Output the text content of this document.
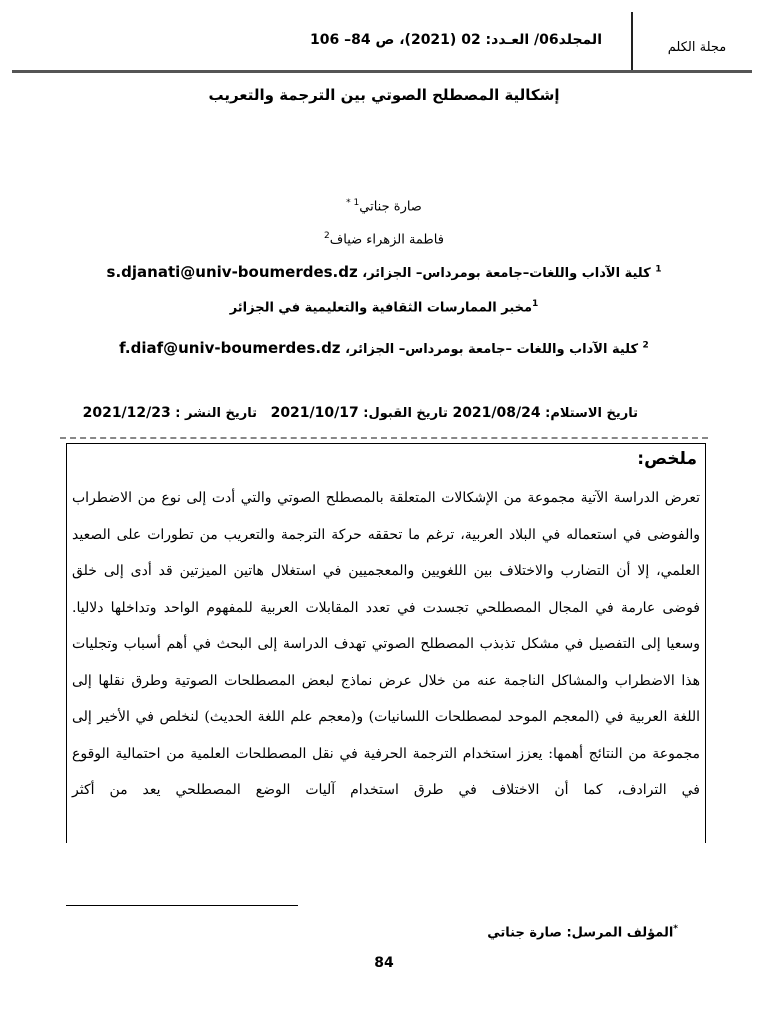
مجلة الكلم
المجلد06/ العـدد: 02 (2021)، ص 84– 106
إشكالية المصطلح الصوتي بين الترجمة والتعريب
صارة جناتي$^{1 *}$
فاطمة الزهراء ضياف$^2$
$^1$ كلية الآداب واللغات–جامعة بومرداس– الجزائر، s.djanati@univ-boumerdes.dz
$^1$مخبر الممارسات الثقافية والتعليمية في الجزائر
$^2$ كلية الآداب واللغات –جامعة بومرداس– الجزائر، f.diaf@univ-boumerdes.dz
تاريخ الاستلام: 2021/08/24 تاريخ القبول: 2021/10/17   تاريخ النشر : 2021/12/23
ملخص:
تعرض الدراسة الآتية مجموعة من الإشكالات المتعلقة بالمصطلح الصوتي والتي أدت إلى نوع من الاضطراب والفوضى في استعماله في البلاد العربية، ترغم ما تحققه حركة الترجمة والتعريب من تطورات على الصعيد العلمي، إلا أن التضارب والاختلاف بين اللغويين والمعجميين في استغلال هاتين الميزتين قد أدى إلى خلق فوضى عارمة في المجال المصطلحي تجسدت في تعدد المقابلات العربية للمفهوم الواحد وتداخلها دلاليا. وسعيا إلى التفصيل في مشكل تذبذب المصطلح الصوتي تهدف الدراسة إلى البحث في أهم أسباب وتجليات هذا الاضطراب والمشاكل الناجمة عنه من خلال عرض نماذج لبعض المصطلحات الصوتية وطرق نقلها إلى اللغة العربية في (المعجم الموحد لمصطلحات اللسانيات) و(معجم علم اللغة الحديث) لنخلص في الأخير إلى مجموعة من النتائج أهمها: يعزز استخدام الترجمة الحرفية في نقل المصطلحات العلمية من احتمالية الوقوع في الترادف، كما أن الاختلاف في طرق استخدام آليات الوضع المصطلحي يعد من أكثر
*المؤلف المرسل: صارة جناتي
84
